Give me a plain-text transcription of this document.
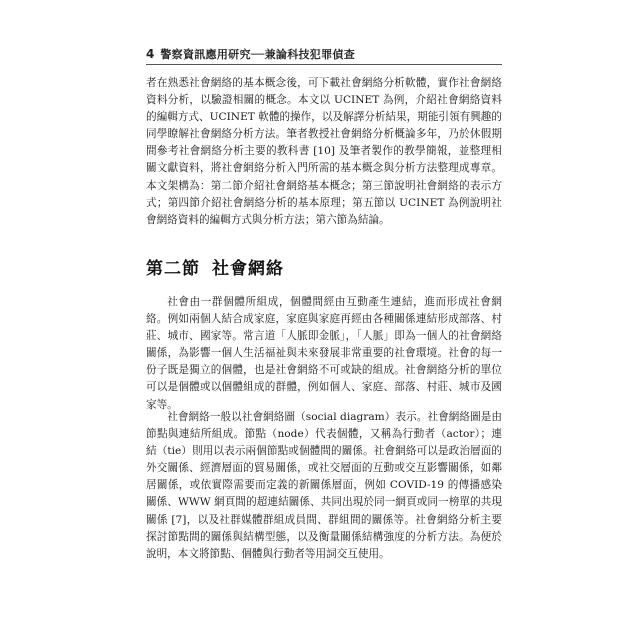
4 警察資訊應用研究──兼論科技犯罪偵查

者在熟悉社會網絡的基本概念後，可下載社會網絡分析軟體，實作社會網絡資料分析，以驗證相關的概念。本文以 UCINET 為例，介紹社會網絡資料的編輯方式、UCINET 軟體的操作，以及解譯分析結果，期能引領有興趣的同學瞭解社會網絡分析方法。筆者教授社會網絡分析概論多年，乃於休假期間參考社會網絡分析主要的教科書 [10] 及筆者製作的教學簡報，並整理相關文獻資料，將社會網絡分析入門所需的基本概念與分析方法整理成專章。本文架構為：第二節介紹社會網絡基本概念；第三節說明社會網絡的表示方式；第四節介紹社會網絡分析的基本原理；第五節以 UCINET 為例說明社會網絡資料的編輯方式與分析方法；第六節為結論。

第二節 社會網絡

社會由一群個體所組成，個體間經由互動產生連結，進而形成社會網絡。例如兩個人結合成家庭，家庭與家庭再經由各種關係連結形成部落、村莊、城市、國家等。常言道「人脈即金脈」，「人脈」即為一個人的社會網絡關係，為影響一個人生活福祉與未來發展非常重要的社會環境。社會的每一份子既是獨立的個體，也是社會網絡不可或缺的組成。社會網絡分析的單位可以是個體或以個體組成的群體，例如個人、家庭、部落、村莊、城市及國家等。

社會網絡一般以社會網絡圖（social diagram）表示。社會網絡圖是由節點與連結所組成。節點（node）代表個體，又稱為行動者（actor）；連結（tie）則用以表示兩個節點或個體間的關係。社會網絡可以是政治層面的外交關係、經濟層面的貿易關係，或社交層面的互動或交互影響關係，如鄰居關係，或依實際需要而定義的新關係層面，例如 COVID-19 的傳播感染關係、WWW 網頁間的超連結關係、共同出現於同一網頁或同一榜單的共現關係 [7]，以及社群媒體群組成員間、群組間的關係等。社會網絡分析主要探討節點間的關係與結構型態，以及衡量關係結構強度的分析方法。為便於說明，本文將節點、個體與行動者等用詞交互使用。
